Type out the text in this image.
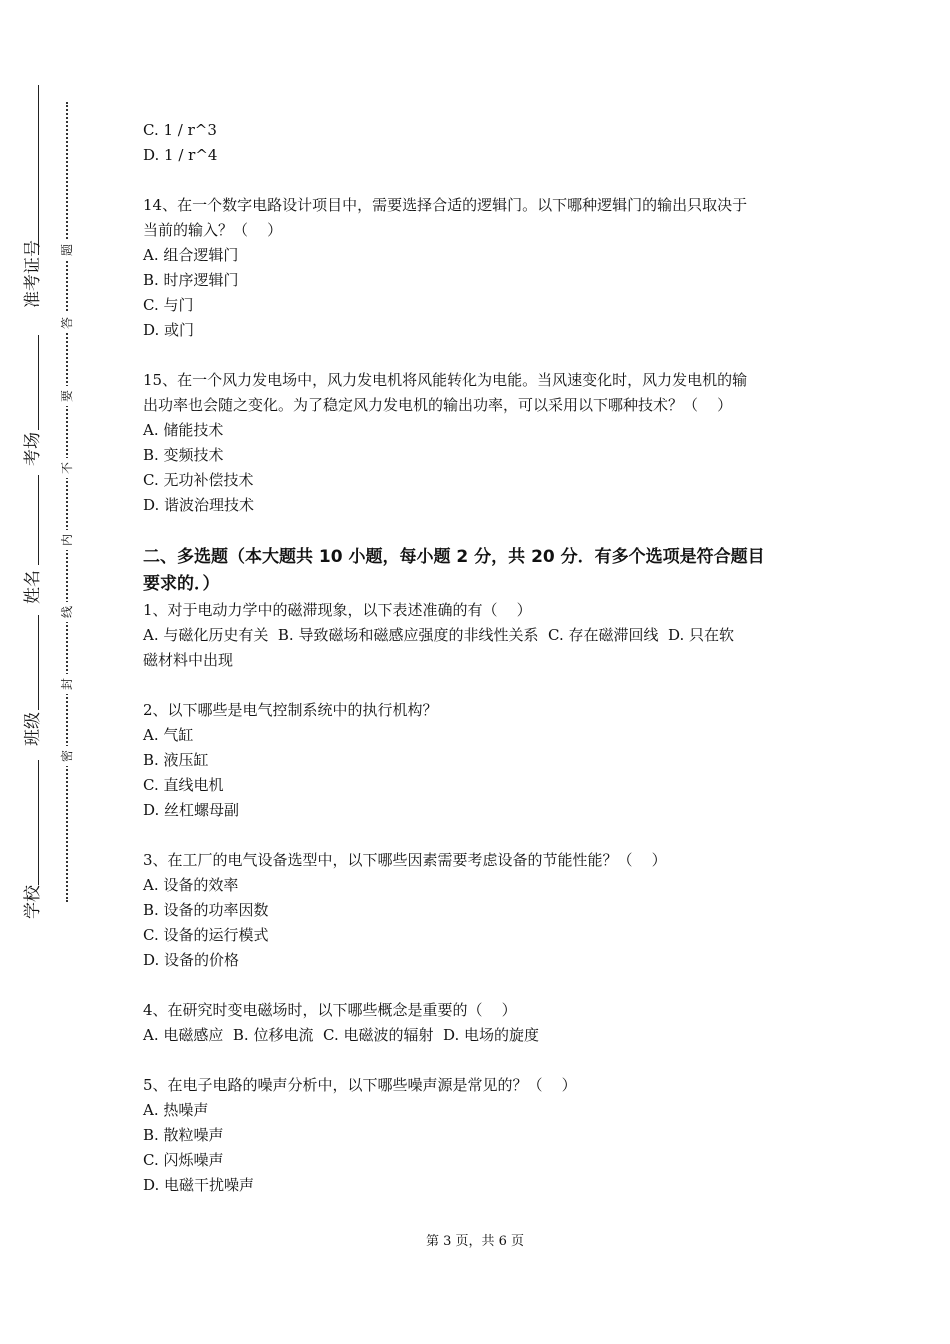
准考证号
考场
姓名
班级
学校
题
答
要
不
内
线
封
密
C. 1 / r^3
D. 1 / r^4
14、在一个数字电路设计项目中，需要选择合适的逻辑门。以下哪种逻辑门的输出只取决于
当前的输入？（    ）
A. 组合逻辑门
B. 时序逻辑门
C. 与门
D. 或门
15、在一个风力发电场中，风力发电机将风能转化为电能。当风速变化时，风力发电机的输
出功率也会随之变化。为了稳定风力发电机的输出功率，可以采用以下哪种技术？（    ）
A. 储能技术
B. 变频技术
C. 无功补偿技术
D. 谐波治理技术
二、多选题（本大题共 10 小题，每小题 2 分，共 20 分．有多个选项是符合题目
要求的．）
1、对于电动力学中的磁滞现象，以下表述准确的有（    ）
A. 与磁化历史有关  B. 导致磁场和磁感应强度的非线性关系  C. 存在磁滞回线  D. 只在软
磁材料中出现
2、以下哪些是电气控制系统中的执行机构？
A. 气缸
B. 液压缸
C. 直线电机
D. 丝杠螺母副
3、在工厂的电气设备选型中，以下哪些因素需要考虑设备的节能性能？（    ）
A. 设备的效率
B. 设备的功率因数
C. 设备的运行模式
D. 设备的价格
4、在研究时变电磁场时，以下哪些概念是重要的（    ）
A. 电磁感应  B. 位移电流  C. 电磁波的辐射  D. 电场的旋度
5、在电子电路的噪声分析中，以下哪些噪声源是常见的？（    ）
A. 热噪声
B. 散粒噪声
C. 闪烁噪声
D. 电磁干扰噪声
第 3 页，共 6 页
